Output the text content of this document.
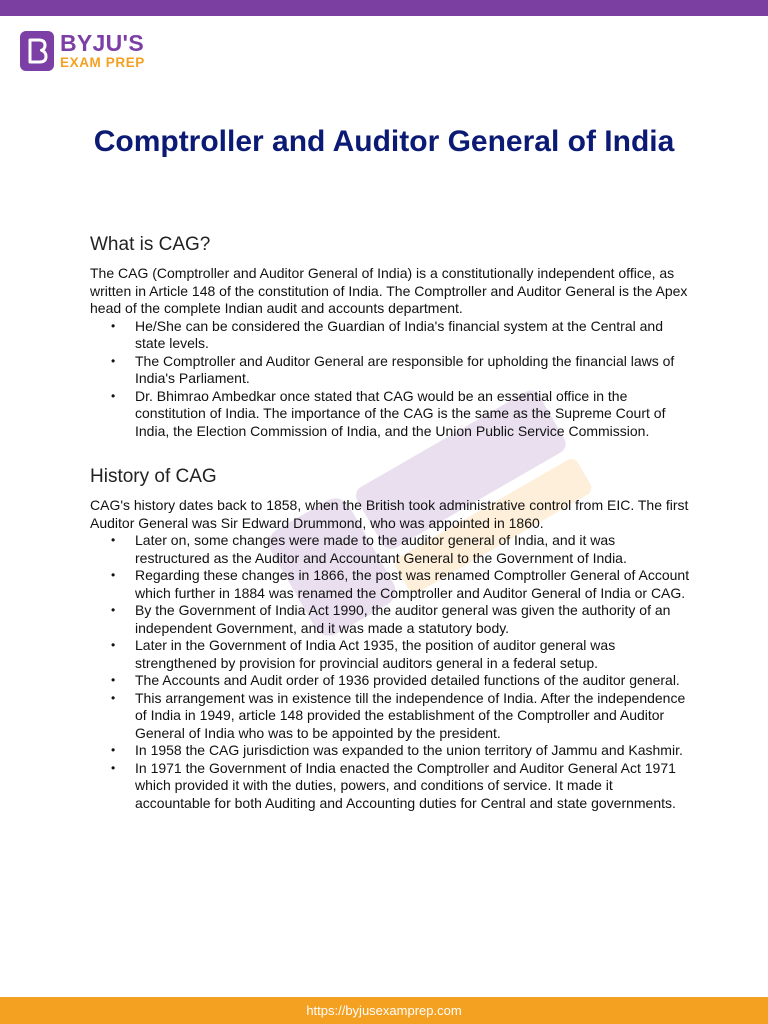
BYJU'S
EXAM PREP
Comptroller and Auditor General of India
What is CAG?

The CAG (Comptroller and Auditor General of India) is a constitutionally independent office, as written in Article 148 of the constitution of India. The Comptroller and Auditor General is the Apex head of the complete Indian audit and accounts department.

• He/She can be considered the Guardian of India's financial system at the Central and state levels.
• The Comptroller and Auditor General are responsible for upholding the financial laws of India's Parliament.
• Dr. Bhimrao Ambedkar once stated that CAG would be an essential office in the constitution of India. The importance of the CAG is the same as the Supreme Court of India, the Election Commission of India, and the Union Public Service Commission.
History of CAG

CAG's history dates back to 1858, when the British took administrative control from EIC. The first Auditor General was Sir Edward Drummond, who was appointed in 1860.

• Later on, some changes were made to the auditor general of India, and it was restructured as the Auditor and Accountant General to the Government of India.
• Regarding these changes in 1866, the post was renamed Comptroller General of Account which further in 1884 was renamed the Comptroller and Auditor General of India or CAG.
• By the Government of India Act 1990, the auditor general was given the authority of an independent Government, and it was made a statutory body.
• Later in the Government of India Act 1935, the position of auditor general was strengthened by provision for provincial auditors general in a federal setup.
• The Accounts and Audit order of 1936 provided detailed functions of the auditor general.
• This arrangement was in existence till the independence of India. After the independence of India in 1949, article 148 provided the establishment of the Comptroller and Auditor General of India who was to be appointed by the president.
• In 1958 the CAG jurisdiction was expanded to the union territory of Jammu and Kashmir.
• In 1971 the Government of India enacted the Comptroller and Auditor General Act 1971 which provided it with the duties, powers, and conditions of service. It made it accountable for both Auditing and Accounting duties for Central and state governments.
https://byjusexamprep.com
